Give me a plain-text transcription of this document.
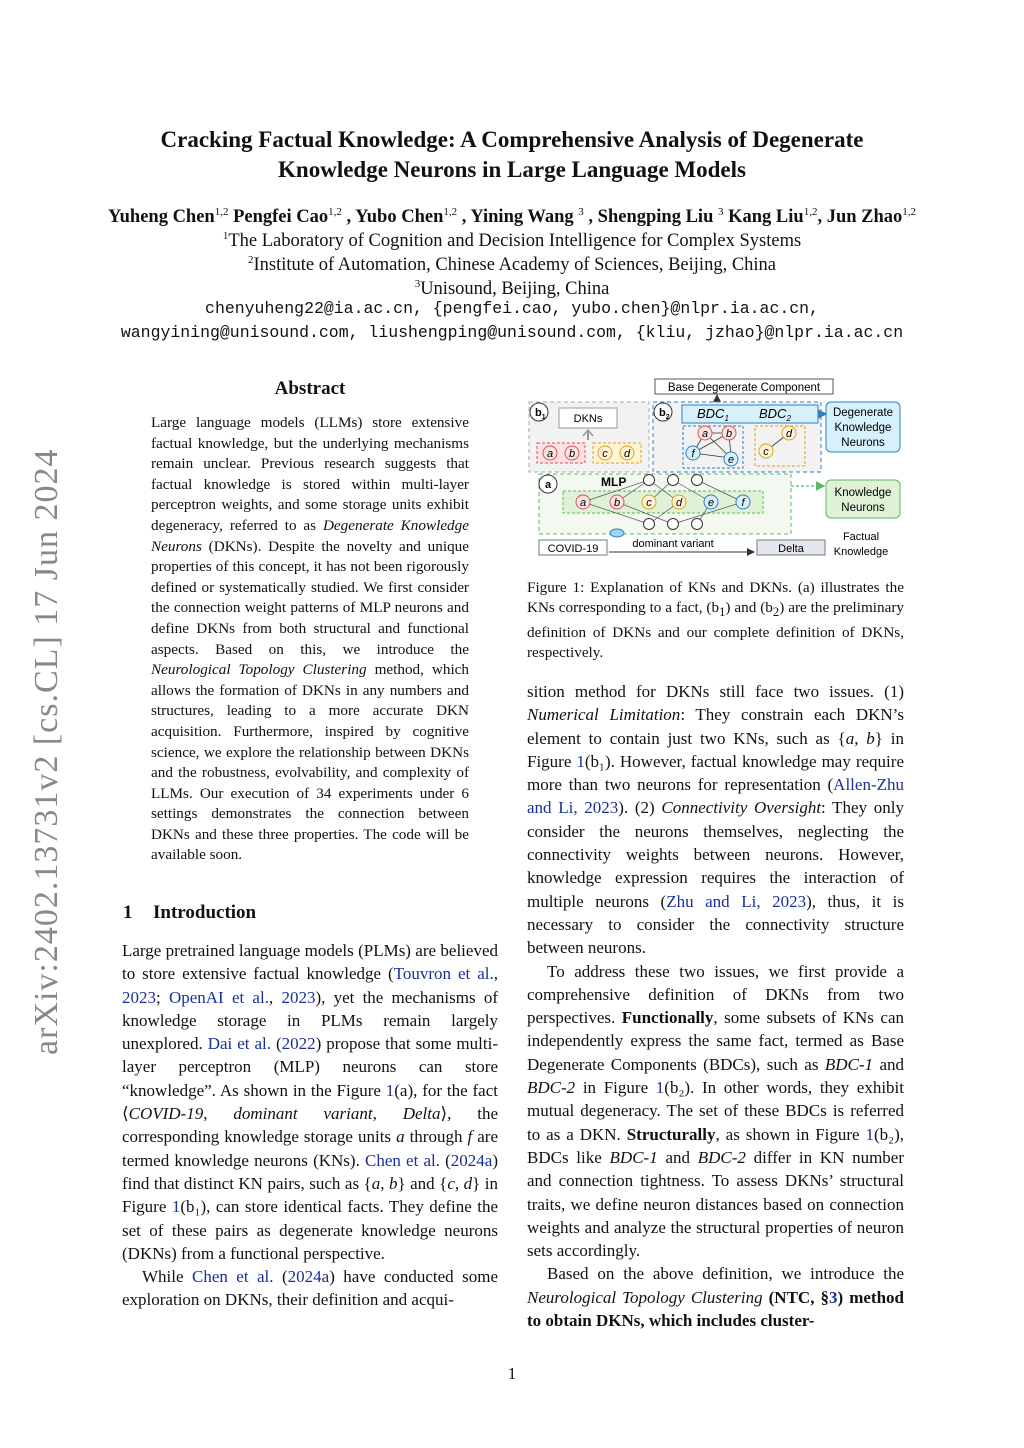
arXiv:2402.13731v2 [cs.CL] 17 Jun 2024
Cracking Factual Knowledge: A Comprehensive Analysis of Degenerate
Knowledge Neurons in Large Language Models
Yuheng Chen$^{1,2}$ Pengfei Cao$^{1,2}$ , Yubo Chen$^{1,2}$ , Yining Wang $^3$ , Shengping Liu $^3$ Kang Liu$^{1,2}$, Jun Zhao$^{1,2}$
$^1$The Laboratory of Cognition and Decision Intelligence for Complex Systems
$^2$Institute of Automation, Chinese Academy of Sciences, Beijing, China
$^3$Unisound, Beijing, China
chenyuheng22@ia.ac.cn, {pengfei.cao, yubo.chen}@nlpr.ia.ac.cn,
wangyining@unisound.com, liushengping@unisound.com, {kliu, jzhao}@nlpr.ia.ac.cn
Abstract
Large language models (LLMs) store extensive factual knowledge, but the underlying mechanisms remain unclear. Previous research suggests that factual knowledge is stored within multi-layer perceptron weights, and some storage units exhibit degeneracy, referred to as Degenerate Knowledge Neurons (DKNs). Despite the novelty and unique properties of this concept, it has not been rigorously defined or systematically studied. We first consider the connection weight patterns of MLP neurons and define DKNs from both structural and functional aspects. Based on this, we introduce the Neurological Topology Clustering method, which allows the formation of DKNs in any numbers and structures, leading to a more accurate DKN acquisition. Furthermore, inspired by cognitive science, we explore the relationship between DKNs and the robustness, evolvability, and complexity of LLMs. Our execution of 34 experiments under 6 settings demonstrates the connection between DKNs and these three properties. The code will be available soon.
1 Introduction

Large pretrained language models (PLMs) are believed to store extensive factual knowledge (Touvron et al., 2023; OpenAI et al., 2023), yet the mechanisms of knowledge storage in PLMs remain largely unexplored. Dai et al. (2022) propose that some multi-layer perceptron (MLP) neurons can store “knowledge”. As shown in the Figure 1(a), for the fact ⟨COVID-19, dominant variant, Delta⟩, the corresponding knowledge storage units a through f are termed knowledge neurons (KNs). Chen et al. (2024a) find that distinct KN pairs, such as {a, b} and {c, d} in Figure 1(b₁), can store identical facts. They define the set of these pairs as degenerate knowledge neurons (DKNs) from a functional perspective.

While Chen et al. (2024a) have conducted some exploration on DKNs, their definition and acqui-

Base Degenerate Component
$b_1$	DKNs
a b c d
$b_2$ $BDC_1$ $BDC_2$
a b
f	e
c
d
Degenerate
Knowledge
Neurons
a	MLP
a	b c d e f
Knowledge
Neurons
Factual
Knowledge
COVID-19	dominant variant	Delta
Figure 1: Explanation of KNs and DKNs. (a) illustrates the KNs corresponding to a fact, $(b_1)$ and $(b_2)$ are the preliminary definition of DKNs and our complete definition of DKNs, respectively.

sition method for DKNs still face two issues. (1) Numerical Limitation: They constrain each DKN’s element to contain just two KNs, such as {a, b} in Figure 1(b₁). However, factual knowledge may require more than two neurons for representation (Allen-Zhu and Li, 2023). (2) Connectivity Oversight: They only consider the neurons themselves, neglecting the connectivity weights between neurons. However, knowledge expression requires the interaction of multiple neurons (Zhu and Li, 2023), thus, it is necessary to consider the connectivity structure between neurons.

To address these two issues, we first provide a comprehensive definition of DKNs from two perspectives. Functionally, some subsets of KNs can independently express the same fact, termed as Base Degenerate Components (BDCs), such as BDC-1 and BDC-2 in Figure 1(b₂). In other words, they exhibit mutual degeneracy. The set of these BDCs is referred to as a DKN. Structurally, as shown in Figure 1(b₂), BDCs like BDC-1 and BDC-2 differ in KN number and connection tightness. To assess DKNs’ structural traits, we define neuron distances based on connection weights and analyze the structural properties of neuron sets accordingly.

Based on the above definition, we introduce the Neurological Topology Clustering (NTC, §3) method to obtain DKNs, which includes cluster-

1
